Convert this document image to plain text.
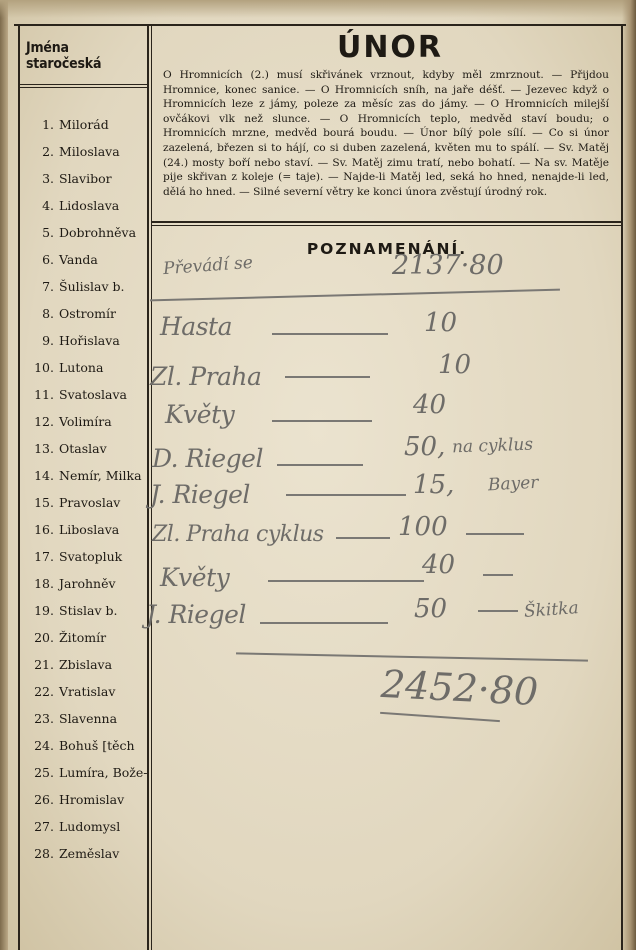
Jména staročeská
1. Milorád
2. Miloslava
3. Slavibor
4. Lidoslava
5. Dobrohněva
6. Vanda
7. Šulislav b.
8. Ostromír
9. Hořislava
10. Lutona
11. Svatoslava
12. Volimíra
13. Otaslav
14. Nemír, Milka
15. Pravoslav
16. Liboslava
17. Svatopluk
18. Jarohněv
19. Stislav b.
20. Žitomír
21. Zbislava
22. Vratislav
23. Slavenna
24. Bohuš [těch
25. Lumíra, Bože-
26. Hromislav
27. Ludomysl
28. Zeměslav
ÚNOR
O Hromnicích (2.) musí skřivánek vrznout, kdyby měl zmrznout. — Přijdou Hromnice, konec sanice. — O Hromnicích sníh, na jaře déšť. — Jezevec když o Hromnicích leze z jámy, poleze za měsíc zas do jámy. — O Hromnicích milejší ovčákovi vlk než slunce. — O Hromnicích teplo, medvěd staví boudu; o Hromnicích mrzne, medvěd bourá boudu. — Únor bílý pole sílí. — Co si únor zazelená, březen si to hájí, co si duben zazelená, květen mu to spálí. — Sv. Matěj (24.) mosty boří nebo staví. — Sv. Matěj zimu tratí, nebo bohatí. — Na sv. Matěje pije skřivan z koleje (= taje). — Najde-li Matěj led, seká ho hned, nenajde-li led, dělá ho hned. — Silné severní větry ke konci února zvěstují úrodný rok.
POZNAMENÁNÍ.
Převádí se	2137·80
Hasta	10
Zl. Praha	10
Květy	40
D. Riegel	50, na cyklus
J. Riegel	15, Bayer
Zl. Praha cyklus	100
Květy	40
J. Riegel	50	Škitka
2452·80
